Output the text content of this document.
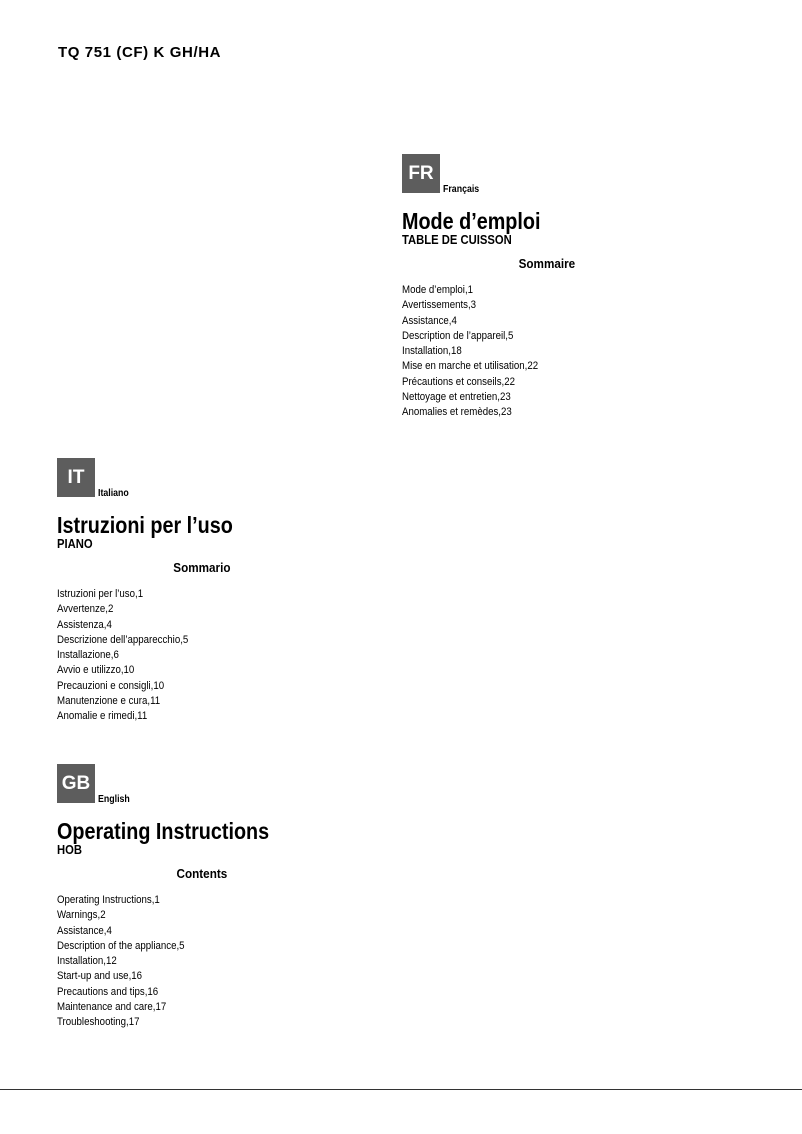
TQ 751 (CF) K GH/HA
FR
Français
Mode d’emploi
TABLE DE CUISSON
Sommaire
Mode d’emploi,1
Avertissements,3
Assistance,4
Description de l’appareil,5
Installation,18
Mise en marche et utilisation,22
Précautions et conseils,22
Nettoyage et entretien,23
Anomalies et remèdes,23
IT
Italiano
Istruzioni per l’uso
PIANO
Sommario
Istruzioni per l’uso,1
Avvertenze,2
Assistenza,4
Descrizione dell’apparecchio,5
Installazione,6
Avvio e utilizzo,10
Precauzioni e consigli,10
Manutenzione e cura,11
Anomalie e rimedi,11
GB
English
Operating Instructions
HOB
Contents
Operating Instructions,1
Warnings,2
Assistance,4
Description of the appliance,5
Installation,12
Start-up and use,16
Precautions and tips,16
Maintenance and care,17
Troubleshooting,17
